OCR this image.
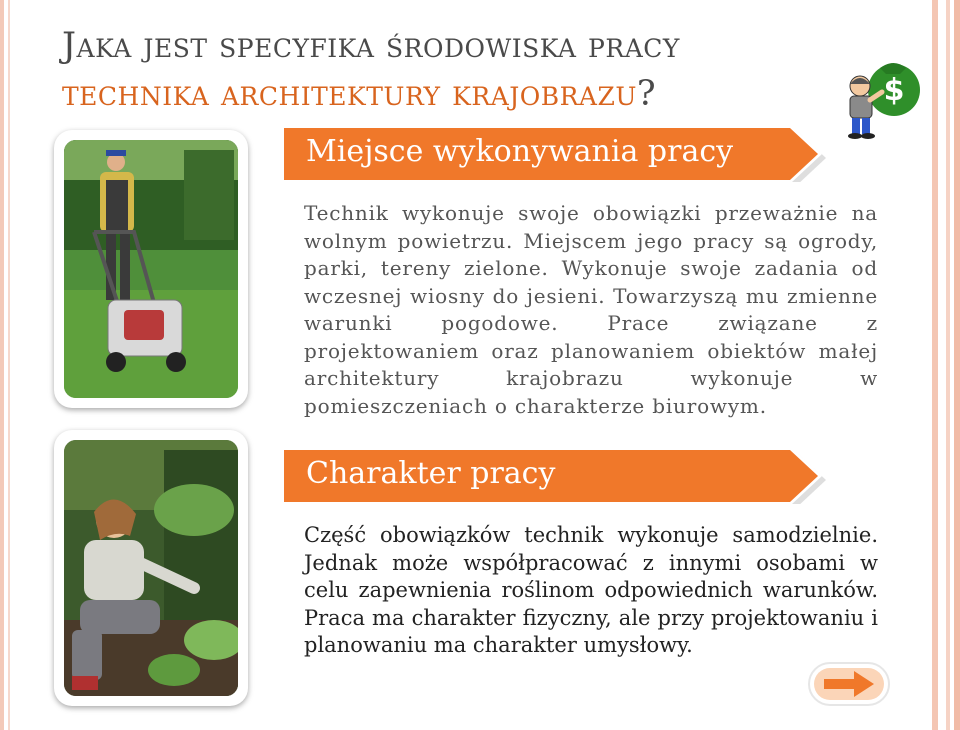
Jaka jest specyfika środowiska pracy
technika architektury krajobrazu?	$
Miejsce wykonywania pracy

Technik wykonuje swoje obowiązki przeważnie na wolnym powietrzu. Miejscem jego pracy są ogrody, parki, tereny zielone. Wykonuje swoje zadania od wczesnej wiosny do jesieni. Towarzyszą mu zmienne warunki pogodowe. Prace związane z projektowaniem oraz planowaniem obiektów małej architektury krajobrazu wykonuje w pomieszczeniach o charakterze biurowym.

Charakter pracy

Część obowiązków technik wykonuje samodzielnie. Jednak może współpracować z innymi osobami w celu zapewnienia roślinom odpowiednich warunków. Praca ma charakter fizyczny, ale przy projektowaniu i planowaniu ma charakter umysłowy.
